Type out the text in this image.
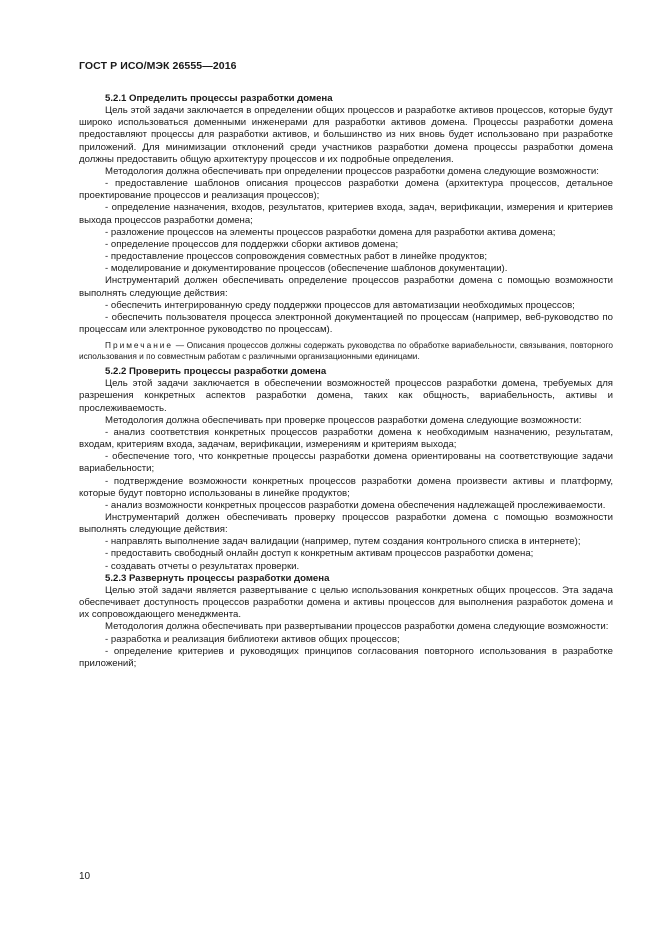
ГОСТ Р ИСО/МЭК 26555—2016

5.2.1 Определить процессы разработки домена

Цель этой задачи заключается в определении общих процессов и разработке активов процессов, которые будут широко использоваться доменными инженерами для разработки активов домена. Процессы разработки домена предоставляют процессы для разработки активов, и большинство из них вновь будет использовано при разработке приложений. Для минимизации отклонений среди участников разработки домена процессы разработки домена должны предоставить общую архитектуру процессов и их подробные определения.

Методология должна обеспечивать при определении процессов разработки домена следующие возможности:

- предоставление шаблонов описания процессов разработки домена (архитектура процессов, детальное проектирование процессов и реализация процессов);

- определение назначения, входов, результатов, критериев входа, задач, верификации, измерения и критериев выхода процессов разработки домена;

- разложение процессов на элементы процессов разработки домена для разработки актива домена;

- определение процессов для поддержки сборки активов домена;

- предоставление процессов сопровождения совместных работ в линейке продуктов;

- моделирование и документирование процессов (обеспечение шаблонов документации).

Инструментарий должен обеспечивать определение процессов разработки домена с помощью возможности выполнять следующие действия:

- обеспечить интегрированную среду поддержки процессов для автоматизации необходимых процессов;

- обеспечить пользователя процесса электронной документацией по процессам (например, веб-руководство по процессам или электронное руководство по процессам).

Примечание — Описания процессов должны содержать руководства по обработке вариабельности, связывания, повторного использования и по совместным работам с различными организационными единицами.

5.2.2 Проверить процессы разработки домена

Цель этой задачи заключается в обеспечении возможностей процессов разработки домена, требуемых для разрешения конкретных аспектов разработки домена, таких как общность, вариабельность, активы и прослеживаемость.

Методология должна обеспечивать при проверке процессов разработки домена следующие возможности:

- анализ соответствия конкретных процессов разработки домена к необходимым назначению, результатам, входам, критериям входа, задачам, верификации, измерениям и критериям выхода;

- обеспечение того, что конкретные процессы разработки домена ориентированы на соответствующие задачи вариабельности;

- подтверждение возможности конкретных процессов разработки домена произвести активы и платформу, которые будут повторно использованы в линейке продуктов;

- анализ возможности конкретных процессов разработки домена обеспечения надлежащей прослеживаемости.

Инструментарий должен обеспечивать проверку процессов разработки домена с помощью возможности выполнять следующие действия:

- направлять выполнение задач валидации (например, путем создания контрольного списка в интернете);

- предоставить свободный онлайн доступ к конкретным активам процессов разработки домена;

- создавать отчеты о результатах проверки.

5.2.3 Развернуть процессы разработки домена

Целью этой задачи является развертывание с целью использования конкретных общих процессов. Эта задача обеспечивает доступность процессов разработки домена и активы процессов для выполнения разработок домена и их сопровождающего менеджмента.

Методология должна обеспечивать при развертывании процессов разработки домена следующие возможности:

- разработка и реализация библиотеки активов общих процессов;

- определение критериев и руководящих принципов согласования повторного использования в разработке приложений;

10
